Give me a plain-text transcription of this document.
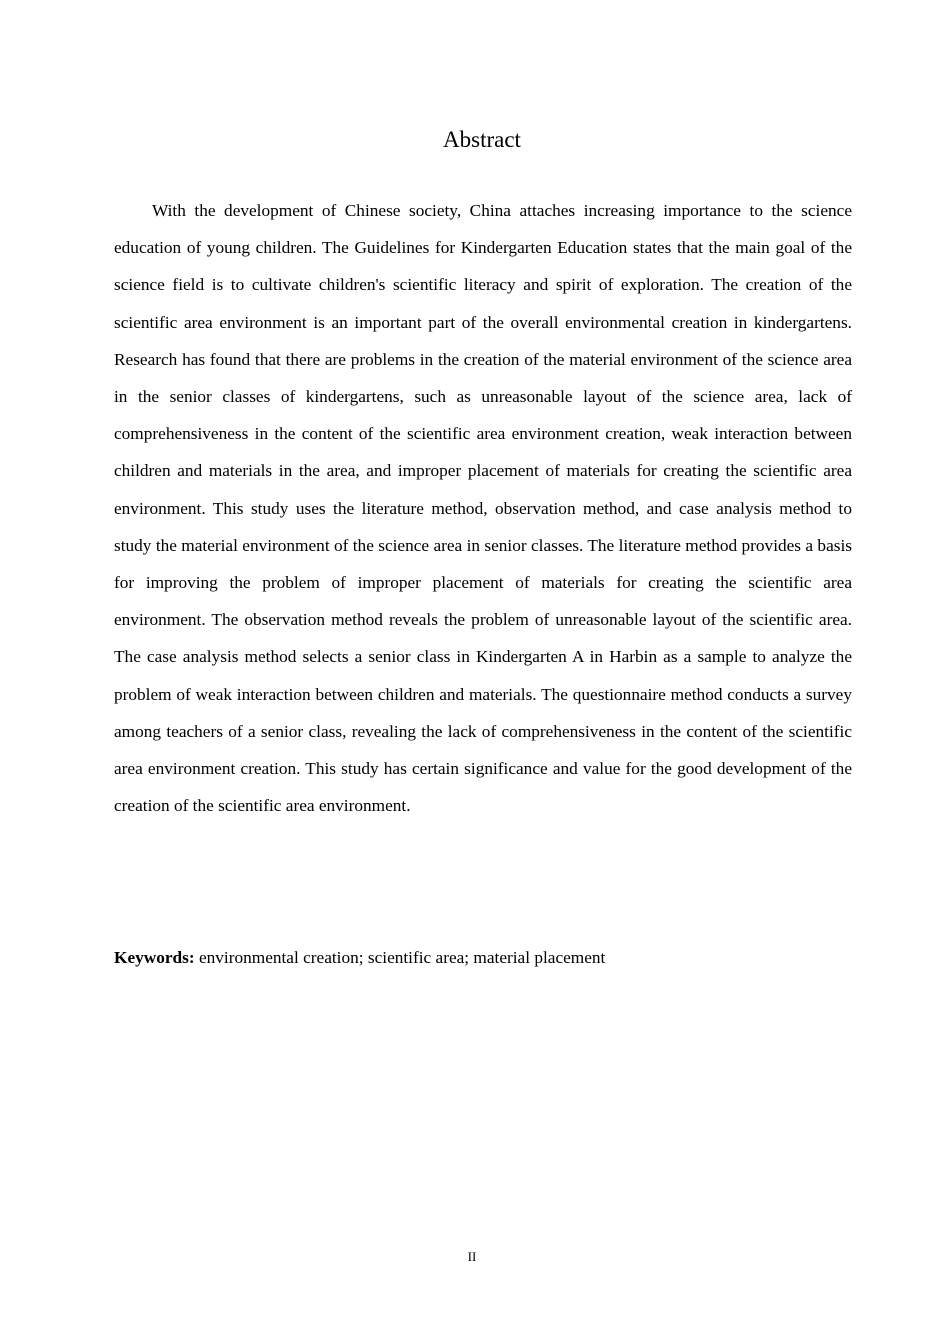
Abstract

With the development of Chinese society, China attaches increasing importance to the science education of young children. The Guidelines for Kindergarten Education states that the main goal of the science field is to cultivate children's scientific literacy and spirit of exploration. The creation of the scientific area environment is an important part of the overall environmental creation in kindergartens. Research has found that there are problems in the creation of the material environment of the science area in the senior classes of kindergartens, such as unreasonable layout of the science area, lack of comprehensiveness in the content of the scientific area environment creation, weak interaction between children and materials in the area, and improper placement of materials for creating the scientific area environment. This study uses the literature method, observation method, and case analysis method to study the material environment of the science area in senior classes. The literature method provides a basis for improving the problem of improper placement of materials for creating the scientific area environment. The observation method reveals the problem of unreasonable layout of the scientific area. The case analysis method selects a senior class in Kindergarten A in Harbin as a sample to analyze the problem of weak interaction between children and materials. The questionnaire method conducts a survey among teachers of a senior class, revealing the lack of comprehensiveness in the content of the scientific area environment creation. This study has certain significance and value for the good development of the creation of the scientific area environment.

Keywords: environmental creation; scientific area; material placement

II
